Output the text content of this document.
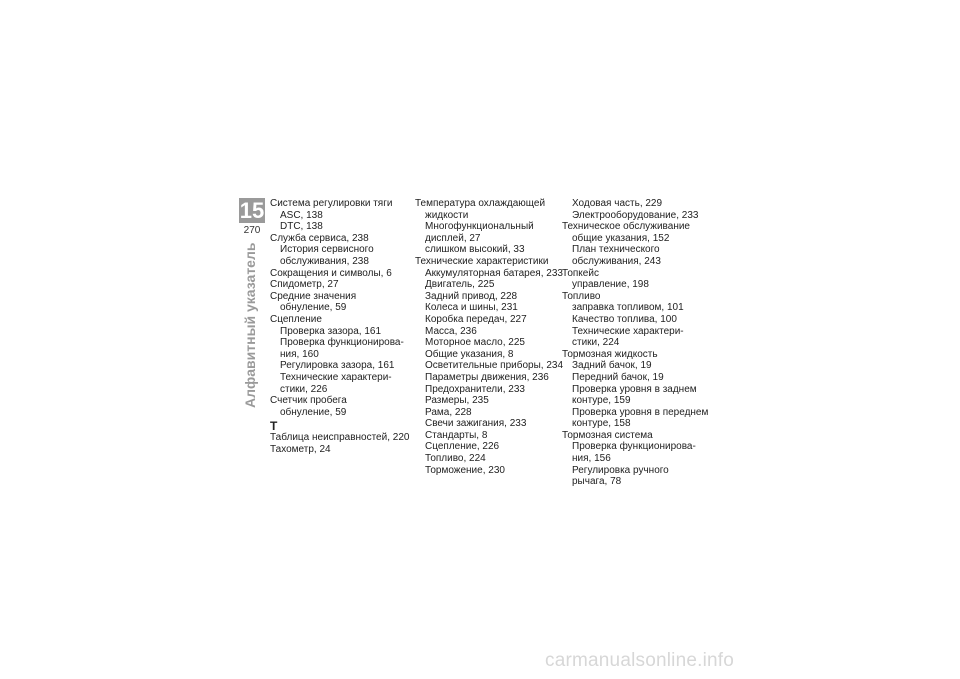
15
270
Алфавитный указатель
Система регулировки тяги
ASC, 138
DTC, 138
Служба сервиса, 238
История сервисного
обслуживания, 238
Сокращения и символы, 6
Спидометр, 27
Средние значения
обнуление, 59
Сцепление
Проверка зазора, 161
Проверка функционирова-
ния, 160
Регулировка зазора, 161
Технические характери-
стики, 226
Счетчик пробега
обнуление, 59
Т
Таблица неисправностей, 220
Тахометр, 24
Температура охлаждающей
жидкости
Многофункциональный
дисплей, 27
слишком высокий, 33
Технические характеристики
Аккумуляторная батарея, 233
Двигатель, 225
Задний привод, 228
Колеса и шины, 231
Коробка передач, 227
Масса, 236
Моторное масло, 225
Общие указания, 8
Осветительные приборы, 234
Параметры движения, 236
Предохранители, 233
Размеры, 235
Рама, 228
Свечи зажигания, 233
Стандарты, 8
Сцепление, 226
Топливо, 224
Торможение, 230
Ходовая часть, 229
Электрооборудование, 233
Техническое обслуживание
общие указания, 152
План технического
обслуживания, 243
Топкейс
управление, 198
Топливо
заправка топливом, 101
Качество топлива, 100
Технические характери-
стики, 224
Тормозная жидкость
Задний бачок, 19
Передний бачок, 19
Проверка уровня в заднем
контуре, 159
Проверка уровня в переднем
контуре, 158
Тормозная система
Проверка функционирова-
ния, 156
Регулировка ручного
рычага, 78
carmanualsonline.info
